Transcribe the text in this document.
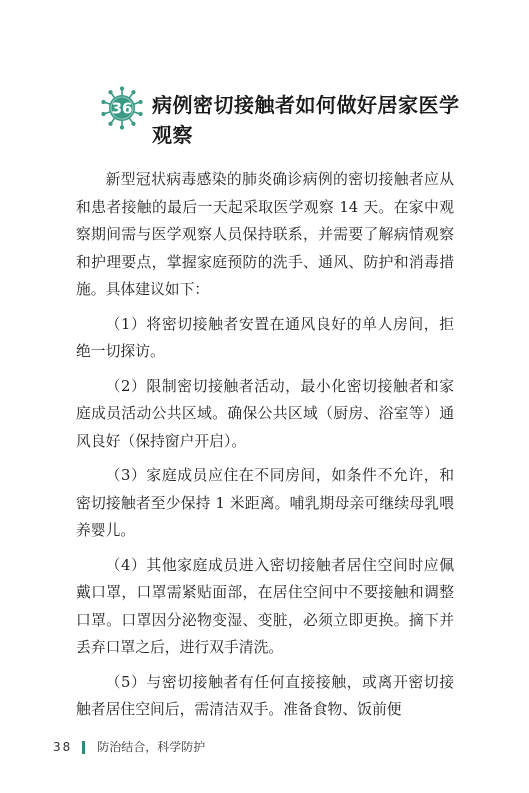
36 病例密切接触者如何做好居家医学观察

新型冠状病毒感染的肺炎确诊病例的密切接触者应从和患者接触的最后一天起采取医学观察 14 天。在家中观察期间需与医学观察人员保持联系，并需要了解病情观察和护理要点，掌握家庭预防的洗手、通风、防护和消毒措施。具体建议如下：

（1）将密切接触者安置在通风良好的单人房间，拒绝一切探访。

（2）限制密切接触者活动，最小化密切接触者和家庭成员活动公共区域。确保公共区域（厨房、浴室等）通风良好（保持窗户开启）。

（3）家庭成员应住在不同房间，如条件不允许，和密切接触者至少保持 1 米距离。哺乳期母亲可继续母乳喂养婴儿。

（4）其他家庭成员进入密切接触者居住空间时应佩戴口罩，口罩需紧贴面部，在居住空间中不要接触和调整口罩。口罩因分泌物变湿、变脏，必须立即更换。摘下并丢弃口罩之后，进行双手清洗。

（5）与密切接触者有任何直接接触，或离开密切接触者居住空间后，需清洁双手。准备食物、饭前便

38 防治结合，科学防护
